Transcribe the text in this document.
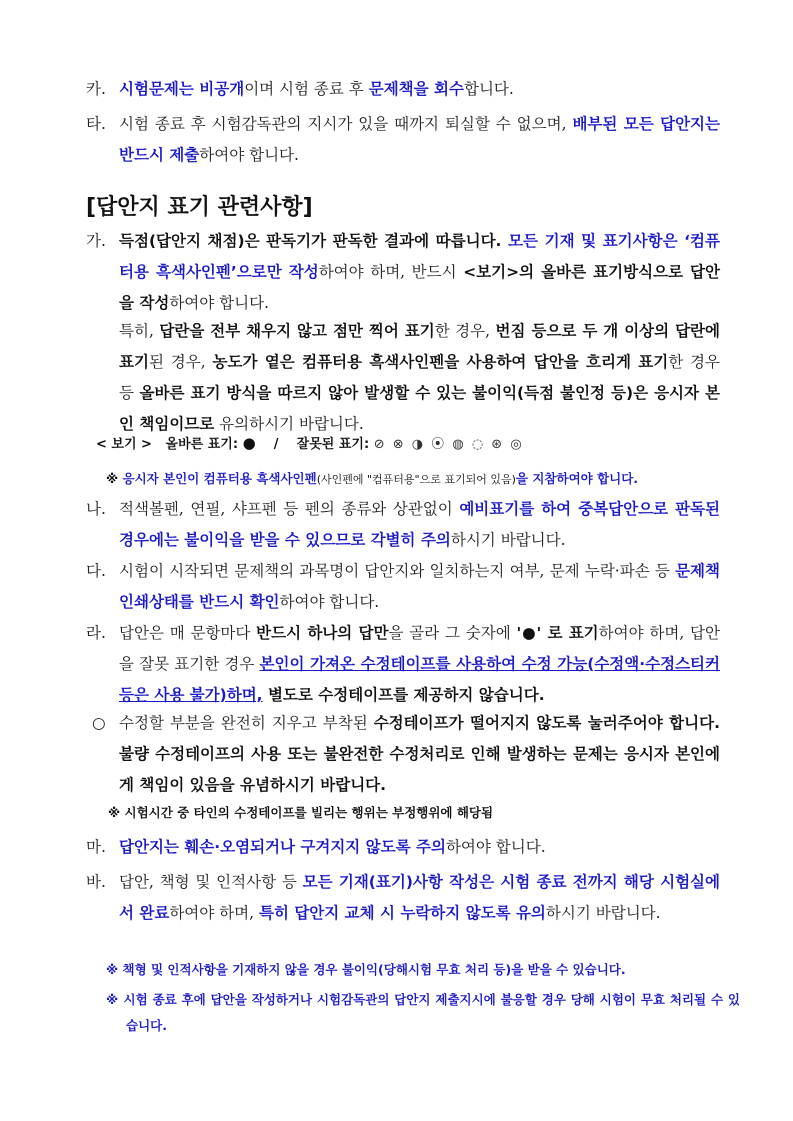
카. 시험문제는 비공개이며 시험 종료 후 문제책을 회수합니다.
타. 시험 종료 후 시험감독관의 지시가 있을 때까지 퇴실할 수 없으며, 배부된 모든 답안지는 반드시 제출하여야 합니다.
[답안지 표기 관련사항]
가. 득점(답안지 채점)은 판독기가 판독한 결과에 따릅니다. 모든 기재 및 표기사항은 ‘컴퓨터용 흑색사인펜’으로만 작성하여야 하며, 반드시 <보기>의 올바른 표기방식으로 답안을 작성하여야 합니다.
특히, 답란을 전부 채우지 않고 점만 찍어 표기한 경우, 번짐 등으로 두 개 이상의 답란에 표기된 경우, 농도가 옅은 컴퓨터용 흑색사인펜을 사용하여 답안을 흐리게 표기한 경우 등 올바른 표기 방식을 따르지 않아 발생할 수 있는 불이익(득점 불인정 등)은 응시자 본인 책임이므로 유의하시기 바랍니다.
< 보기 > 올바른 표기: ● / 잘못된 표기: ⊘ ⊗ ◑ ⦿ ◍ ◌ ⊛ ◎
※ 응시자 본인이 컴퓨터용 흑색사인펜(사인펜에 "컴퓨터용"으로 표기되어 있음)을 지참하여야 합니다.
나. 적색볼펜, 연필, 샤프펜 등 펜의 종류와 상관없이 예비표기를 하여 중복답안으로 판독된 경우에는 불이익을 받을 수 있으므로 각별히 주의하시기 바랍니다.
다. 시험이 시작되면 문제책의 과목명이 답안지와 일치하는지 여부, 문제 누락·파손 등 문제책 인쇄상태를 반드시 확인하여야 합니다.
라. 답안은 매 문항마다 반드시 하나의 답만을 골라 그 숫자에 '●' 로 표기하여야 하며, 답안을 잘못 표기한 경우 본인이 가져온 수정테이프를 사용하여 수정 가능(수정액·수정스티커 등은 사용 불가)하며, 별도로 수정테이프를 제공하지 않습니다.
○ 수정할 부분을 완전히 지우고 부착된 수정테이프가 떨어지지 않도록 눌러주어야 합니다. 불량 수정테이프의 사용 또는 불완전한 수정처리로 인해 발생하는 문제는 응시자 본인에게 책임이 있음을 유념하시기 바랍니다.
※ 시험시간 중 타인의 수정테이프를 빌리는 행위는 부정행위에 해당됨
마. 답안지는 훼손·오염되거나 구겨지지 않도록 주의하여야 합니다.
바. 답안, 책형 및 인적사항 등 모든 기재(표기)사항 작성은 시험 종료 전까지 해당 시험실에서 완료하여야 하며, 특히 답안지 교체 시 누락하지 않도록 유의하시기 바랍니다.
※ 책형 및 인적사항을 기재하지 않을 경우 불이익(당해시험 무효 처리 등)을 받을 수 있습니다.
※ 시험 종료 후에 답안을 작성하거나 시험감독관의 답안지 제출지시에 불응할 경우 당해 시험이 무효 처리될 수 있습니다.
